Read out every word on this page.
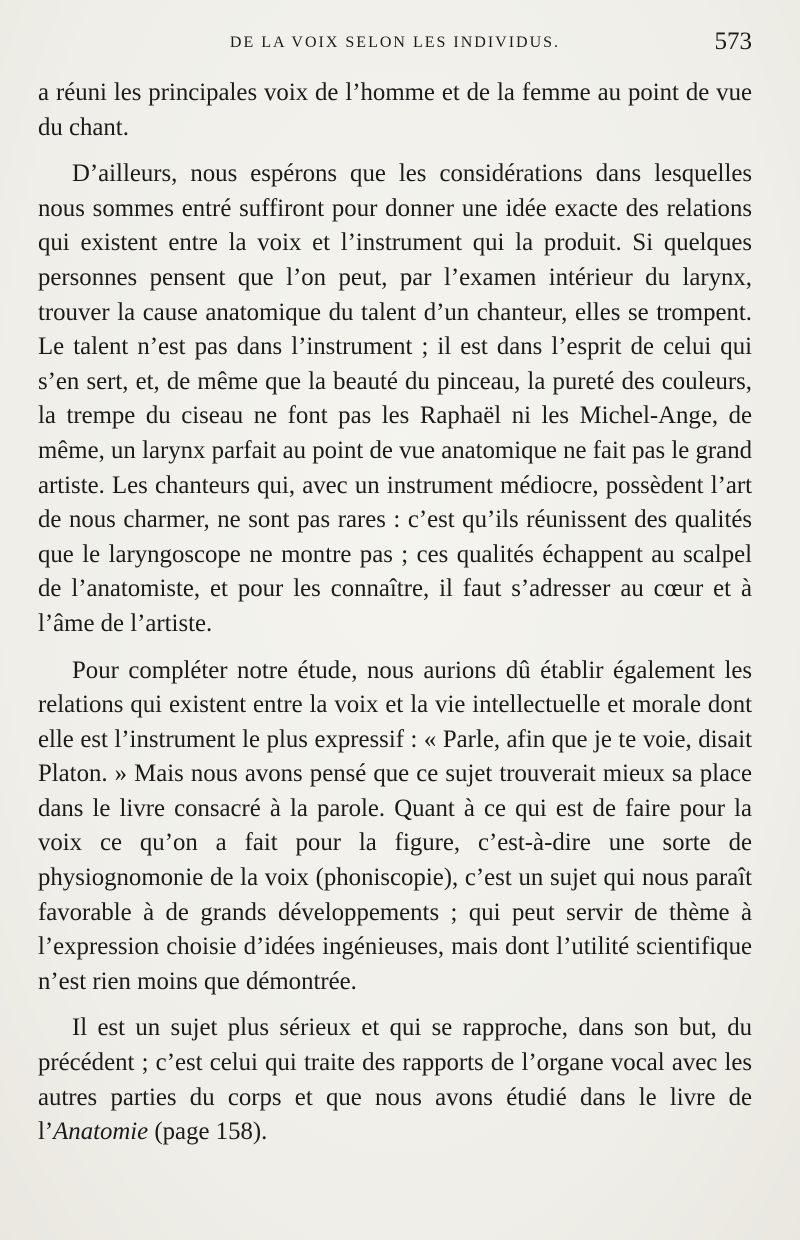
DE LA VOIX SELON LES INDIVIDUS.	573

a réuni les principales voix de l’homme et de la femme au point de vue du chant.

D’ailleurs, nous espérons que les considérations dans lesquelles nous sommes entré suffiront pour donner une idée exacte des relations qui existent entre la voix et l’instrument qui la produit. Si quelques personnes pensent que l’on peut, par l’examen intérieur du larynx, trouver la cause anatomique du talent d’un chanteur, elles se trompent. Le talent n’est pas dans l’instrument ; il est dans l’esprit de celui qui s’en sert, et, de même que la beauté du pinceau, la pureté des couleurs, la trempe du ciseau ne font pas les Raphaël ni les Michel-Ange, de même, un larynx parfait au point de vue anatomique ne fait pas le grand artiste. Les chanteurs qui, avec un instrument médiocre, possèdent l’art de nous charmer, ne sont pas rares : c’est qu’ils réunissent des qualités que le laryngoscope ne montre pas ; ces qualités échappent au scalpel de l’anatomiste, et pour les connaître, il faut s’adresser au cœur et à l’âme de l’artiste.

Pour compléter notre étude, nous aurions dû établir également les relations qui existent entre la voix et la vie intellectuelle et morale dont elle est l’instrument le plus expressif : « Parle, afin que je te voie, disait Platon. » Mais nous avons pensé que ce sujet trouverait mieux sa place dans le livre consacré à la parole. Quant à ce qui est de faire pour la voix ce qu’on a fait pour la figure, c’est-à-dire une sorte de physiognomonie de la voix (phoniscopie), c’est un sujet qui nous paraît favorable à de grands développements ; qui peut servir de thème à l’expression choisie d’idées ingénieuses, mais dont l’utilité scientifique n’est rien moins que démontrée.

Il est un sujet plus sérieux et qui se rapproche, dans son but, du précédent ; c’est celui qui traite des rapports de l’organe vocal avec les autres parties du corps et que nous avons étudié dans le livre de l’Anatomie (page 158).
